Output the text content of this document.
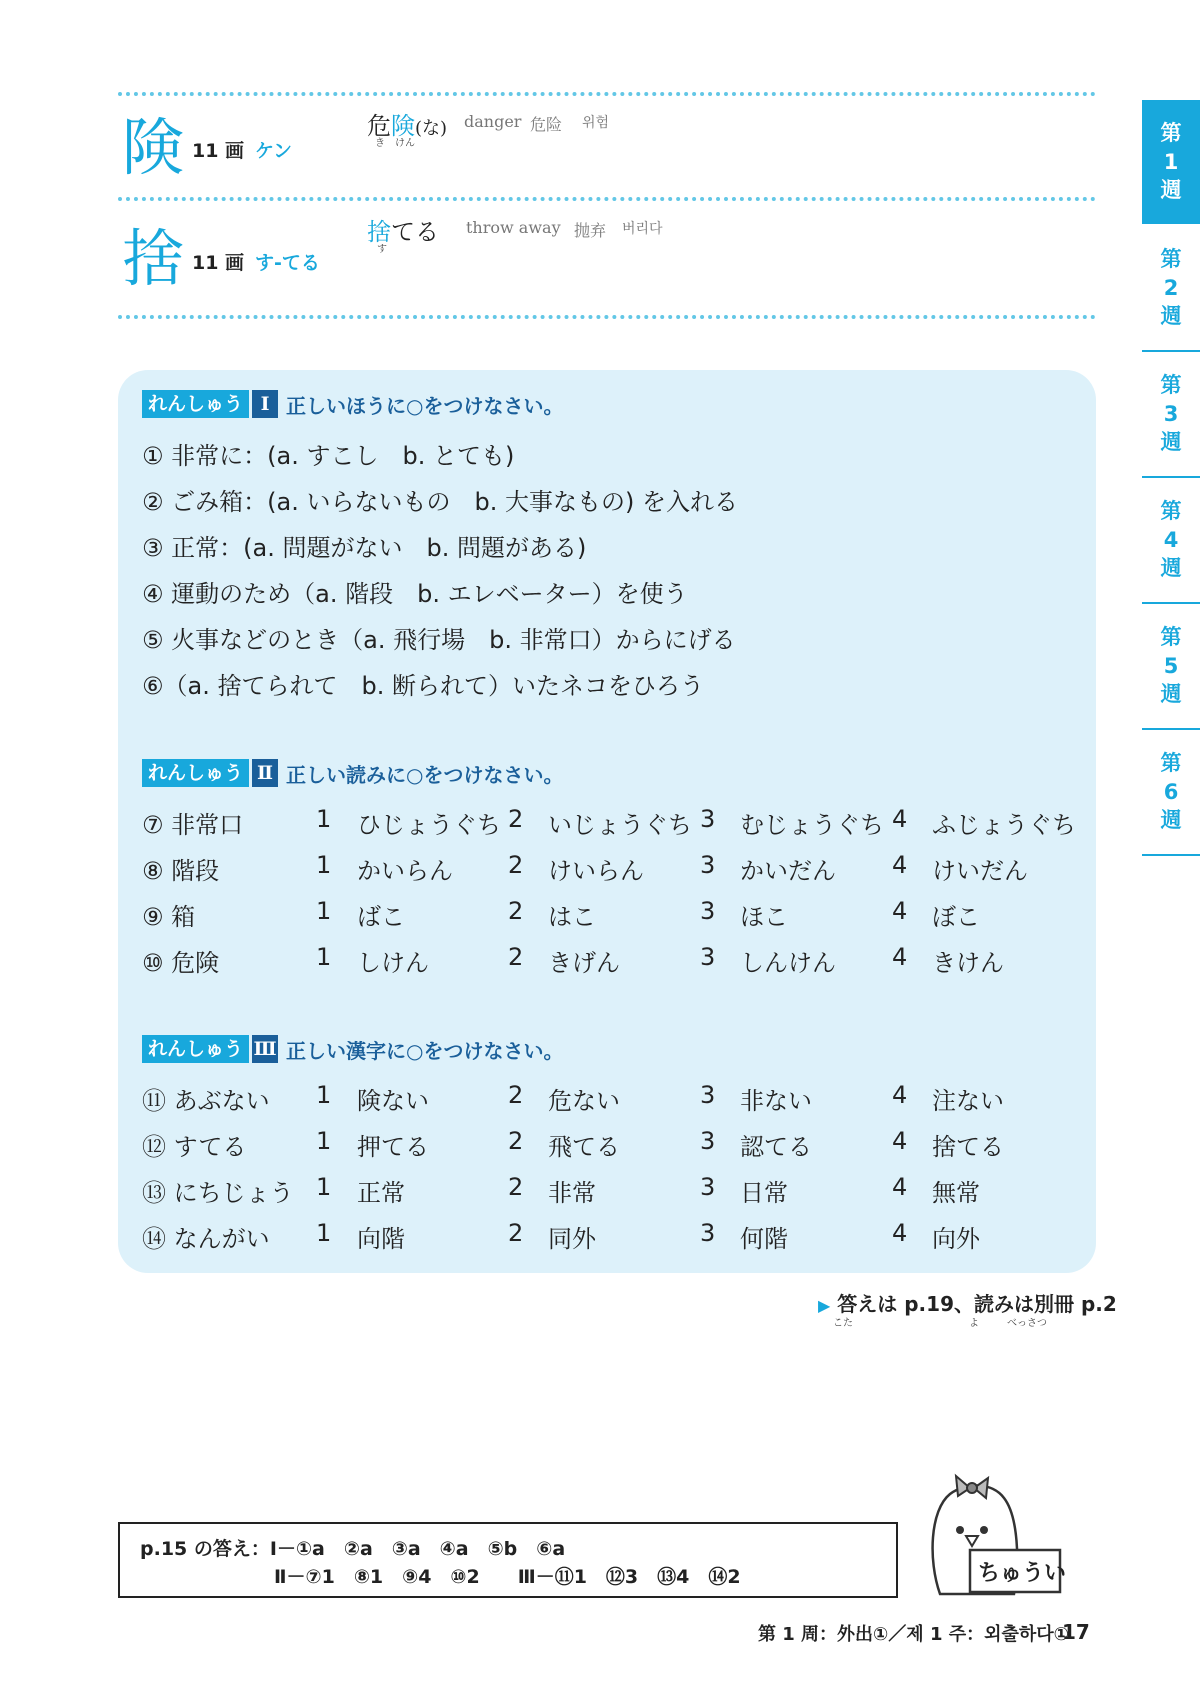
険 11 画 ケン
危険(な)
き　けん
danger 危险 위험
捨 11 画 す-てる
捨てる
す
throw away 抛弃 버리다
第
1
週
第
2
週
第
3
週
第
4
週
第
5
週
第
6
週
れんしゅう Ⅰ 正しいほうに○をつけなさい。
① 非常に：(a. すこし　b. とても)
② ごみ箱：(a. いらないもの　b. 大事なもの) を入れる
③ 正常：(a. 問題がない　b. 問題がある)
④ 運動のため（a. 階段　b. エレベーター）を使う
⑤ 火事などのとき（a. 飛行場　b. 非常口）からにげる
⑥（a. 捨てられて　b. 断られて）いたネコをひろう
れんしゅう Ⅱ 正しい読みに○をつけなさい。
⑦ 非常口	1 ひじょうぐち 2 いじょうぐち 3 むじょうぐち 4 ふじょうぐち
⑧ 階段	1 かいらん 2 けいらん 3 かいだん 4 けいだん
⑨ 箱	1 ばこ	2 はこ	3 ほこ	4 ぼこ
⑩ 危険	1 しけん	2 きげん	3 しんけん 4 きけん
れんしゅう Ⅲ 正しい漢字に○をつけなさい。
⑪ あぶない 1 険ない	2 危ない	3 非ない	4 注ない
⑫ すてる	1 押てる	2 飛てる	3 認てる	4 捨てる
⑬ にちじょう 1 正常	2 非常	3 日常	4 無常
⑭ なんがい 1 向階	2 同外	3 何階	4 向外
▶ 答えは p.19、読みは別冊 p.2
こた	よ	べっさつ
p.15 の答え：Ⅰ－①a　②a　③a　④a　⑤b　⑥a
Ⅱ－⑦1　⑧1　⑨4　⑩2　　Ⅲ－⑪1　⑫3　⑬4　⑭2	ちゅうい
第 1 周：外出①／제 1 주：외출하다①
17
